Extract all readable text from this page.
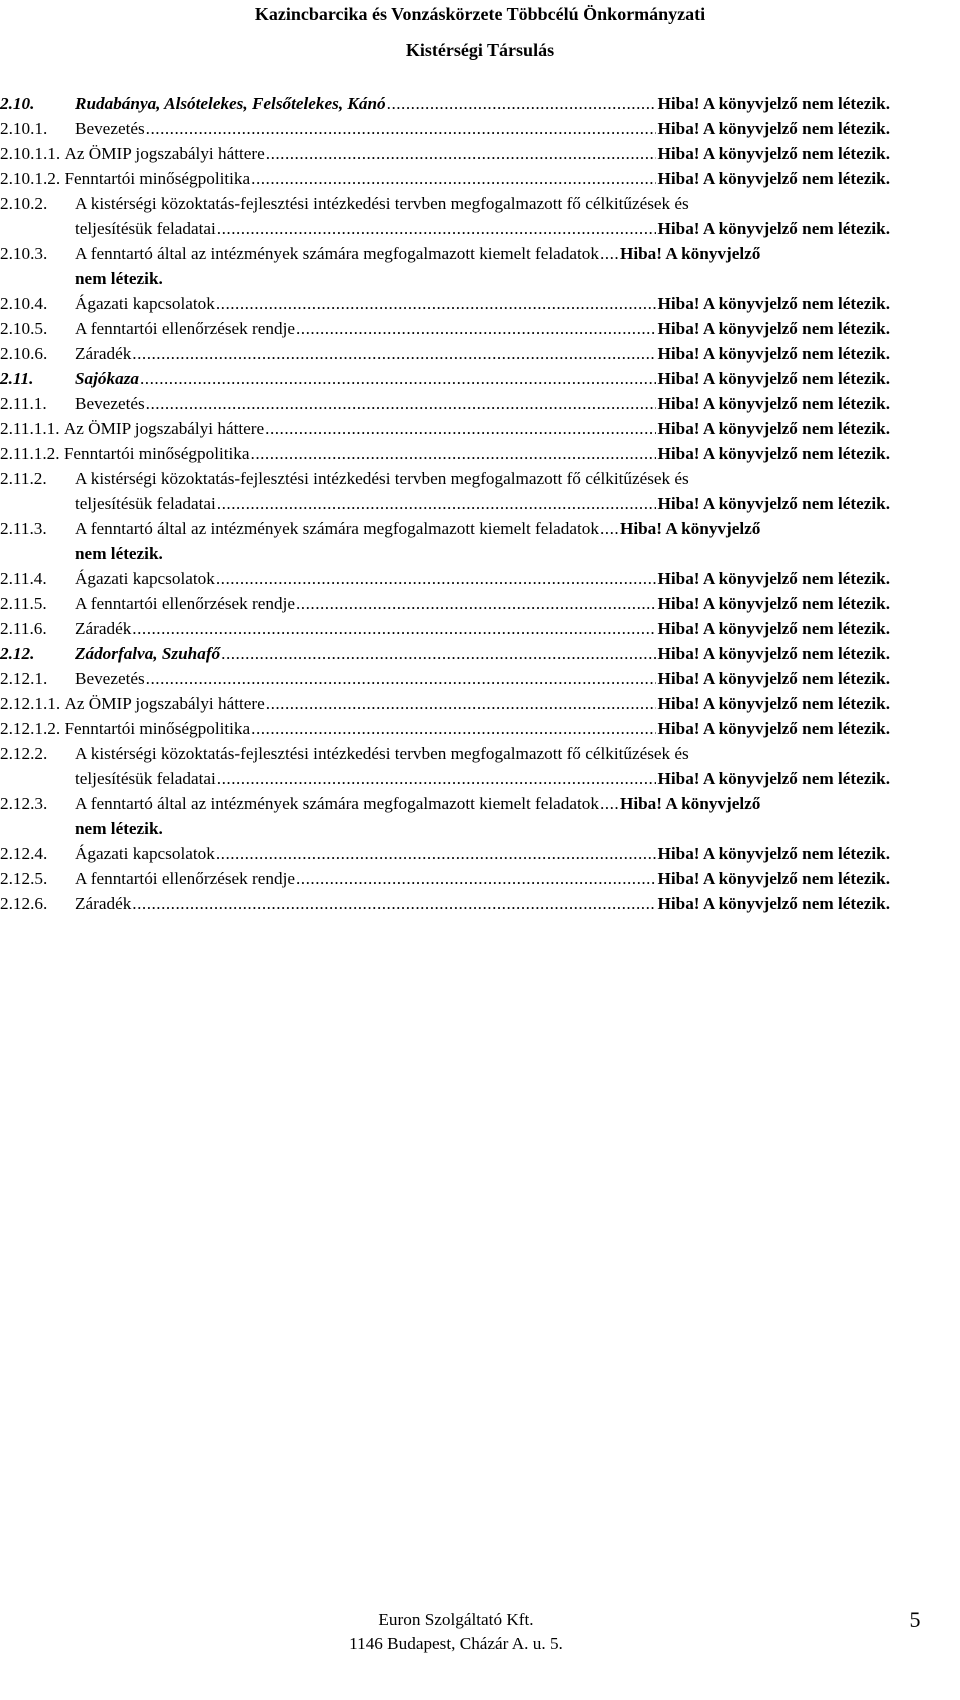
Kazincbarcika és Vonzáskörzete Többcélú Önkormányzati
Kistérségi Társulás
2.10. Rudabánya, Alsótelekes, Felsőtelekes, Kánó .....	Hiba! A könyvjelző nem létezik.
2.10.1. Bevezetés .....	Hiba! A könyvjelző nem létezik.
2.10.1.1.
Az ÖMIP jogszabályi háttere .....	Hiba! A könyvjelző nem létezik.
2.10.1.2.
Fenntartói minőségpolitika .....	Hiba! A könyvjelző nem létezik.
2.10.2. A kistérségi közoktatás-fejlesztési intézkedési tervben megfogalmazott fő célkitűzések és
teljesítésük feladatai .....	Hiba! A könyvjelző nem létezik.
2.10.3. A fenntartó által az intézmények számára megfogalmazott kiemelt feladatok ..... Hiba! A könyvjelző
nem létezik.
2.10.4. Ágazati kapcsolatok .....	Hiba! A könyvjelző nem létezik.
2.10.5. A fenntartói ellenőrzések rendje .....	Hiba! A könyvjelző nem létezik.
2.10.6. Záradék .....	Hiba! A könyvjelző nem létezik.
2.11. Sajókaza .....	Hiba! A könyvjelző nem létezik.
2.11.1. Bevezetés .....	Hiba! A könyvjelző nem létezik.
2.11.1.1.
Az ÖMIP jogszabályi háttere .....	Hiba! A könyvjelző nem létezik.
2.11.1.2.
Fenntartói minőségpolitika .....	Hiba! A könyvjelző nem létezik.
2.11.2. A kistérségi közoktatás-fejlesztési intézkedési tervben megfogalmazott fő célkitűzések és
teljesítésük feladatai .....	Hiba! A könyvjelző nem létezik.
2.11.3. A fenntartó által az intézmények számára megfogalmazott kiemelt feladatok ..... Hiba! A könyvjelző
nem létezik.
2.11.4. Ágazati kapcsolatok .....	Hiba! A könyvjelző nem létezik.
2.11.5. A fenntartói ellenőrzések rendje .....	Hiba! A könyvjelző nem létezik.
2.11.6. Záradék .....	Hiba! A könyvjelző nem létezik.
2.12. Zádorfalva, Szuhafő .....	Hiba! A könyvjelző nem létezik.
2.12.1. Bevezetés .....	Hiba! A könyvjelző nem létezik.
2.12.1.1.
Az ÖMIP jogszabályi háttere .....	Hiba! A könyvjelző nem létezik.
2.12.1.2.
Fenntartói minőségpolitika .....	Hiba! A könyvjelző nem létezik.
2.12.2. A kistérségi közoktatás-fejlesztési intézkedési tervben megfogalmazott fő célkitűzések és
teljesítésük feladatai .....	Hiba! A könyvjelző nem létezik.
2.12.3. A fenntartó által az intézmények számára megfogalmazott kiemelt feladatok ..... Hiba! A könyvjelző
nem létezik.
2.12.4. Ágazati kapcsolatok .....	Hiba! A könyvjelző nem létezik.
2.12.5. A fenntartói ellenőrzések rendje .....	Hiba! A könyvjelző nem létezik.
2.12.6. Záradék .....	Hiba! A könyvjelző nem létezik.
Euron Szolgáltató Kft.
1146 Budapest, Cházár A. u. 5.
5
